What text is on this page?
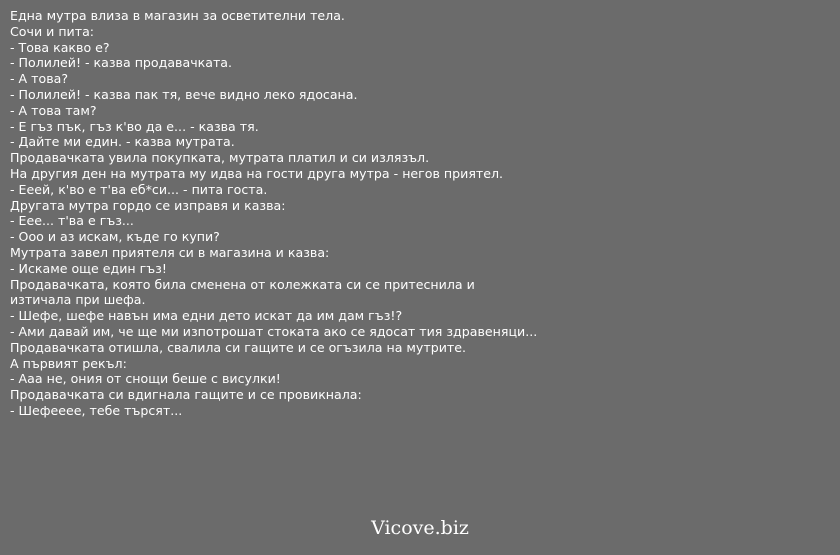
Една мутра влиза в магазин за осветителни тела.
Сочи и пита:
- Това какво е?
- Полилей! - казва продавачката.
- А това?
- Полилей! - казва пак тя, вече видно леко ядосана.
- А това там?
- Е гъз пък, гъз к'во да е... - казва тя.
- Дайте ми един. - казва мутрата.
Продавачката увила покупката, мутрата платил и си излязъл.
На другия ден на мутрата му идва на гости друга мутра - негов приятел.
- Ееей, к'во е т'ва еб*си... - пита госта.
Другата мутра гордо се изправя и казва:
- Еее... т'ва е гъз...
- Ооо и аз искам, къде го купи?
Мутрата завел приятеля си в магазина и казва:
- Искаме още един гъз!
Продавачката, която била сменена от колежката си се притеснила и
изтичала при шефа.
- Шефе, шефе навън има едни дето искат да им дам гъз!?
- Ами давай им, че ще ми изпотрошат стоката ако се ядосат тия здравеняци...
Продавачката отишла, свалила си гащите и се огъзила на мутрите.
А първият рекъл:
- Ааа не, ония от снощи беше с висулки!
Продавачката си вдигнала гащите и се провикнала:
- Шефееее, тебе търсят...
Vicove.biz
